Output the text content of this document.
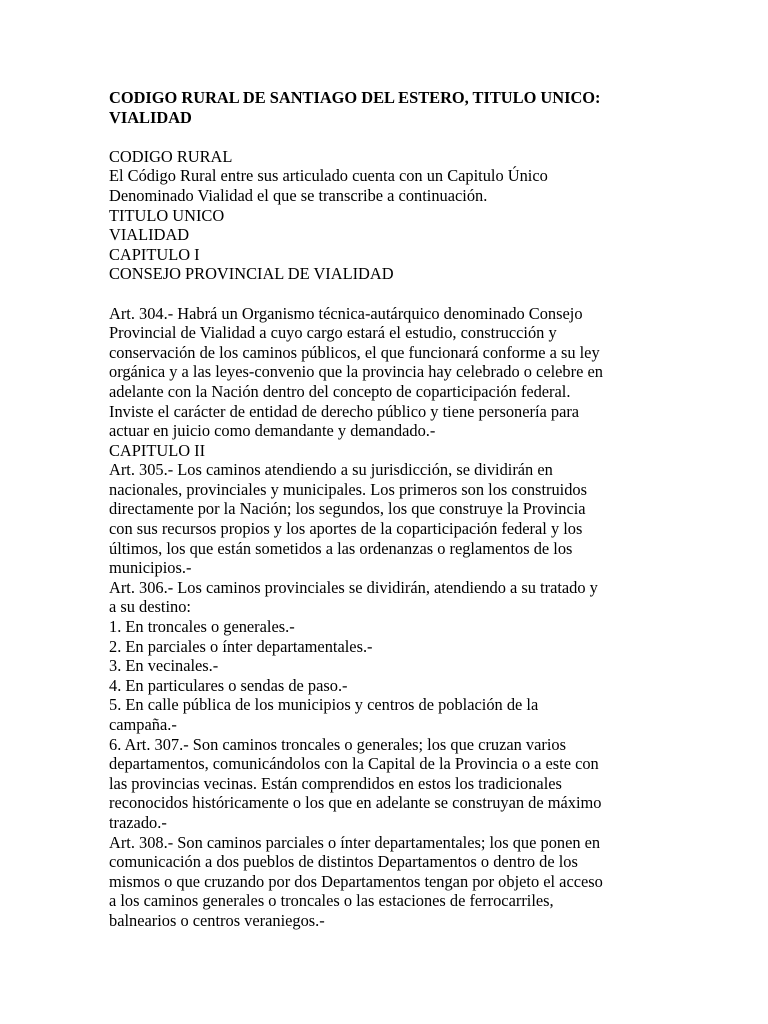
CODIGO RURAL DE SANTIAGO DEL ESTERO, TITULO UNICO:
VIALIDAD
CODIGO RURAL
El Código Rural entre sus articulado cuenta con un Capitulo Único
Denominado Vialidad el que se transcribe a continuación.
TITULO UNICO
VIALIDAD
CAPITULO I
CONSEJO PROVINCIAL DE VIALIDAD
Art. 304.- Habrá un Organismo técnica-autárquico denominado Consejo
Provincial de Vialidad a cuyo cargo estará el estudio, construcción y
conservación de los caminos públicos, el que funcionará conforme a su ley
orgánica y a las leyes-convenio que la provincia hay celebrado o celebre en
adelante con la Nación dentro del concepto de coparticipación federal.
Inviste el carácter de entidad de derecho público y tiene personería para
actuar en juicio como demandante y demandado.-
CAPITULO II
Art. 305.- Los caminos atendiendo a su jurisdicción, se dividirán en
nacionales, provinciales y municipales. Los primeros son los construidos
directamente por la Nación; los segundos, los que construye la Provincia
con sus recursos propios y los aportes de la coparticipación federal y los
últimos, los que están sometidos a las ordenanzas o reglamentos de los
municipios.-
Art. 306.- Los caminos provinciales se dividirán, atendiendo a su tratado y
a su destino:
1. En troncales o generales.-
2. En parciales o ínter departamentales.-
3. En vecinales.-
4. En particulares o sendas de paso.-
5. En calle pública de los municipios y centros de población de la
campaña.-
6. Art. 307.- Son caminos troncales o generales; los que cruzan varios
departamentos, comunicándolos con la Capital de la Provincia o a este con
las provincias vecinas. Están comprendidos en estos los tradicionales
reconocidos históricamente o los que en adelante se construyan de máximo
trazado.-
Art. 308.- Son caminos parciales o ínter departamentales; los que ponen en
comunicación a dos pueblos de distintos Departamentos o dentro de los
mismos o que cruzando por dos Departamentos tengan por objeto el acceso
a los caminos generales o troncales o las estaciones de ferrocarriles,
balnearios o centros veraniegos.-
